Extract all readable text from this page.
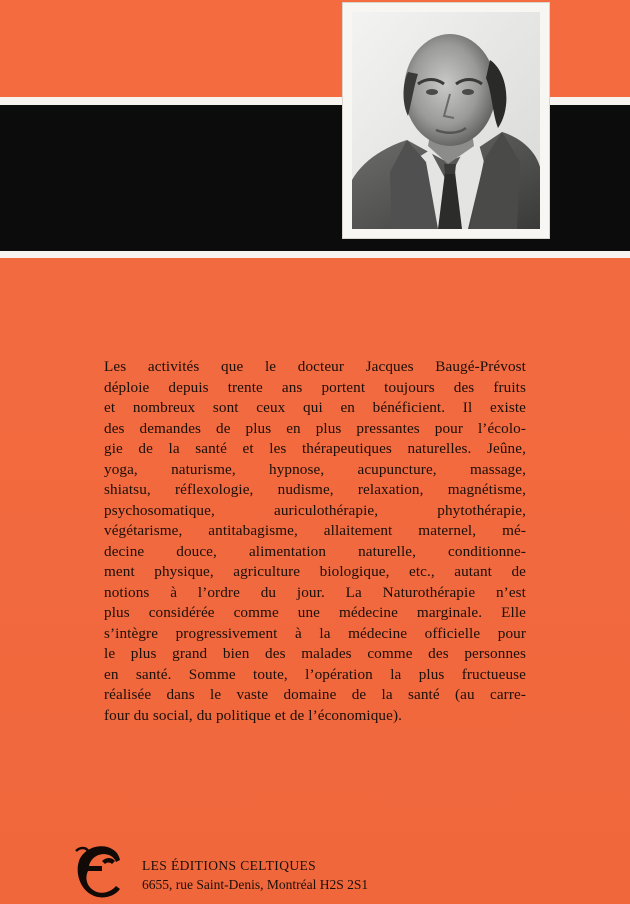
Les activités que le docteur Jacques Baugé-Prévost
déploie depuis trente ans portent toujours des fruits
et nombreux sont ceux qui en bénéficient. Il existe
des demandes de plus en plus pressantes pour l’écolo-
gie de la santé et les thérapeutiques naturelles. Jeûne,
yoga, naturisme, hypnose, acupuncture, massage,
shiatsu, réflexologie, nudisme, relaxation, magnétisme,
psychosomatique, auriculothérapie, phytothérapie,
végétarisme, antitabagisme, allaitement maternel, mé-
decine douce, alimentation naturelle, conditionne-
ment physique, agriculture biologique, etc., autant de
notions à l’ordre du jour. La Naturothérapie n’est
plus considérée comme une médecine marginale. Elle
s’intègre progressivement à la médecine officielle pour
le plus grand bien des malades comme des personnes
en santé. Somme toute, l’opération la plus fructueuse
réalisée dans le vaste domaine de la santé (au carre-
four du social, du politique et de l’économique).
LES ÉDITIONS CELTIQUES
6655, rue Saint-Denis, Montréal H2S 2S1
